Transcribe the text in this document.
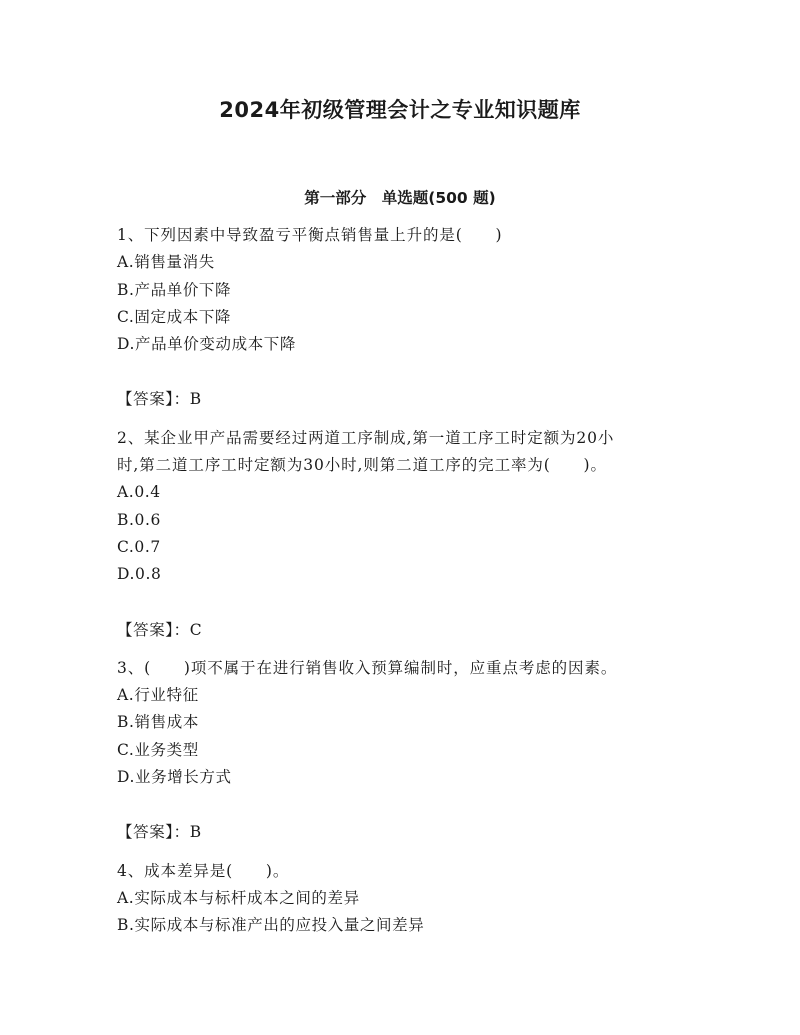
2024年初级管理会计之专业知识题库
第一部分　单选题(500 题)
1、下列因素中导致盈亏平衡点销售量上升的是(　　)
A.销售量消失
B.产品单价下降
C.固定成本下降
D.产品单价变动成本下降
【答案】：B
2、某企业甲产品需要经过两道工序制成,第一道工序工时定额为20小
时,第二道工序工时定额为30小时,则第二道工序的完工率为(　　)。
A.0.4
B.0.6
C.0.7
D.0.8
【答案】：C
3、(　　)项不属于在进行销售收入预算编制时，应重点考虑的因素。
A.行业特征
B.销售成本
C.业务类型
D.业务增长方式
【答案】：B
4、成本差异是(　　)。
A.实际成本与标杆成本之间的差异
B.实际成本与标准产出的应投入量之间差异
